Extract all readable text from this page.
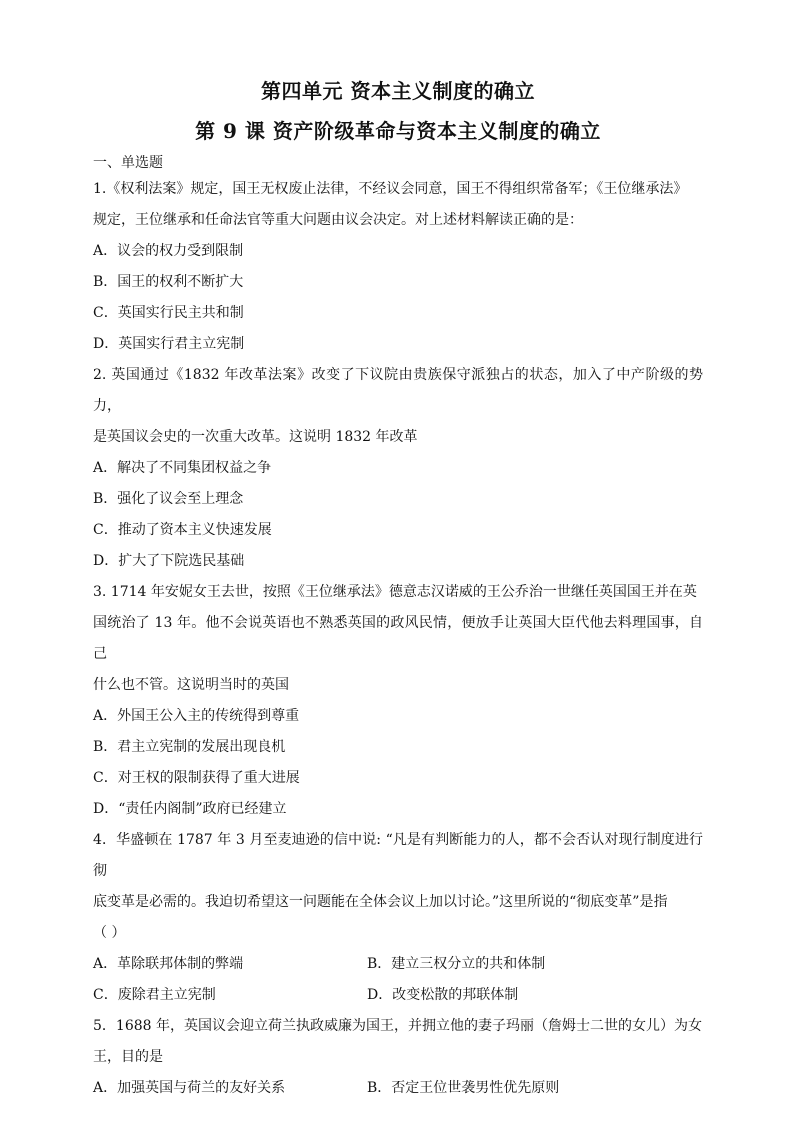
第四单元 资本主义制度的确立
第 9 课 资产阶级革命与资本主义制度的确立
一、单选题
1.《权利法案》规定，国王无权废止法律，不经议会同意，国王不得组织常备军；《王位继承法》
规定，王位继承和任命法官等重大问题由议会决定。对上述材料解读正确的是：
A．议会的权力受到限制
B．国王的权利不断扩大
C．英国实行民主共和制
D．英国实行君主立宪制
2. 英国通过《1832 年改革法案》改变了下议院由贵族保守派独占的状态，加入了中产阶级的势力，
是英国议会史的一次重大改革。这说明 1832 年改革
A．解决了不同集团权益之争
B．强化了议会至上理念
C．推动了资本主义快速发展
D．扩大了下院选民基础
3. 1714 年安妮女王去世，按照《王位继承法》德意志汉诺威的王公乔治一世继任英国国王并在英
国统治了 13 年。他不会说英语也不熟悉英国的政风民情，便放手让英国大臣代他去料理国事，自己
什么也不管。这说明当时的英国
A．外国王公入主的传统得到尊重
B．君主立宪制的发展出现良机
C．对王权的限制获得了重大进展
D．“责任内阁制”政府已经建立
4．华盛顿在 1787 年 3 月至麦迪逊的信中说: “凡是有判断能力的人，都不会否认对现行制度进行彻
底变革是必需的。我迫切希望这一问题能在全体会议上加以讨论。”这里所说的“彻底变革”是指
（ ）
A．革除联邦体制的弊端	B．建立三权分立的共和体制
C．废除君主立宪制	D．改变松散的邦联体制
5．1688 年，英国议会迎立荷兰执政威廉为国王，并拥立他的妻子玛丽（詹姆士二世的女儿）为女
王，目的是
A．加强英国与荷兰的友好关系	B．否定王位世袭男性优先原则
